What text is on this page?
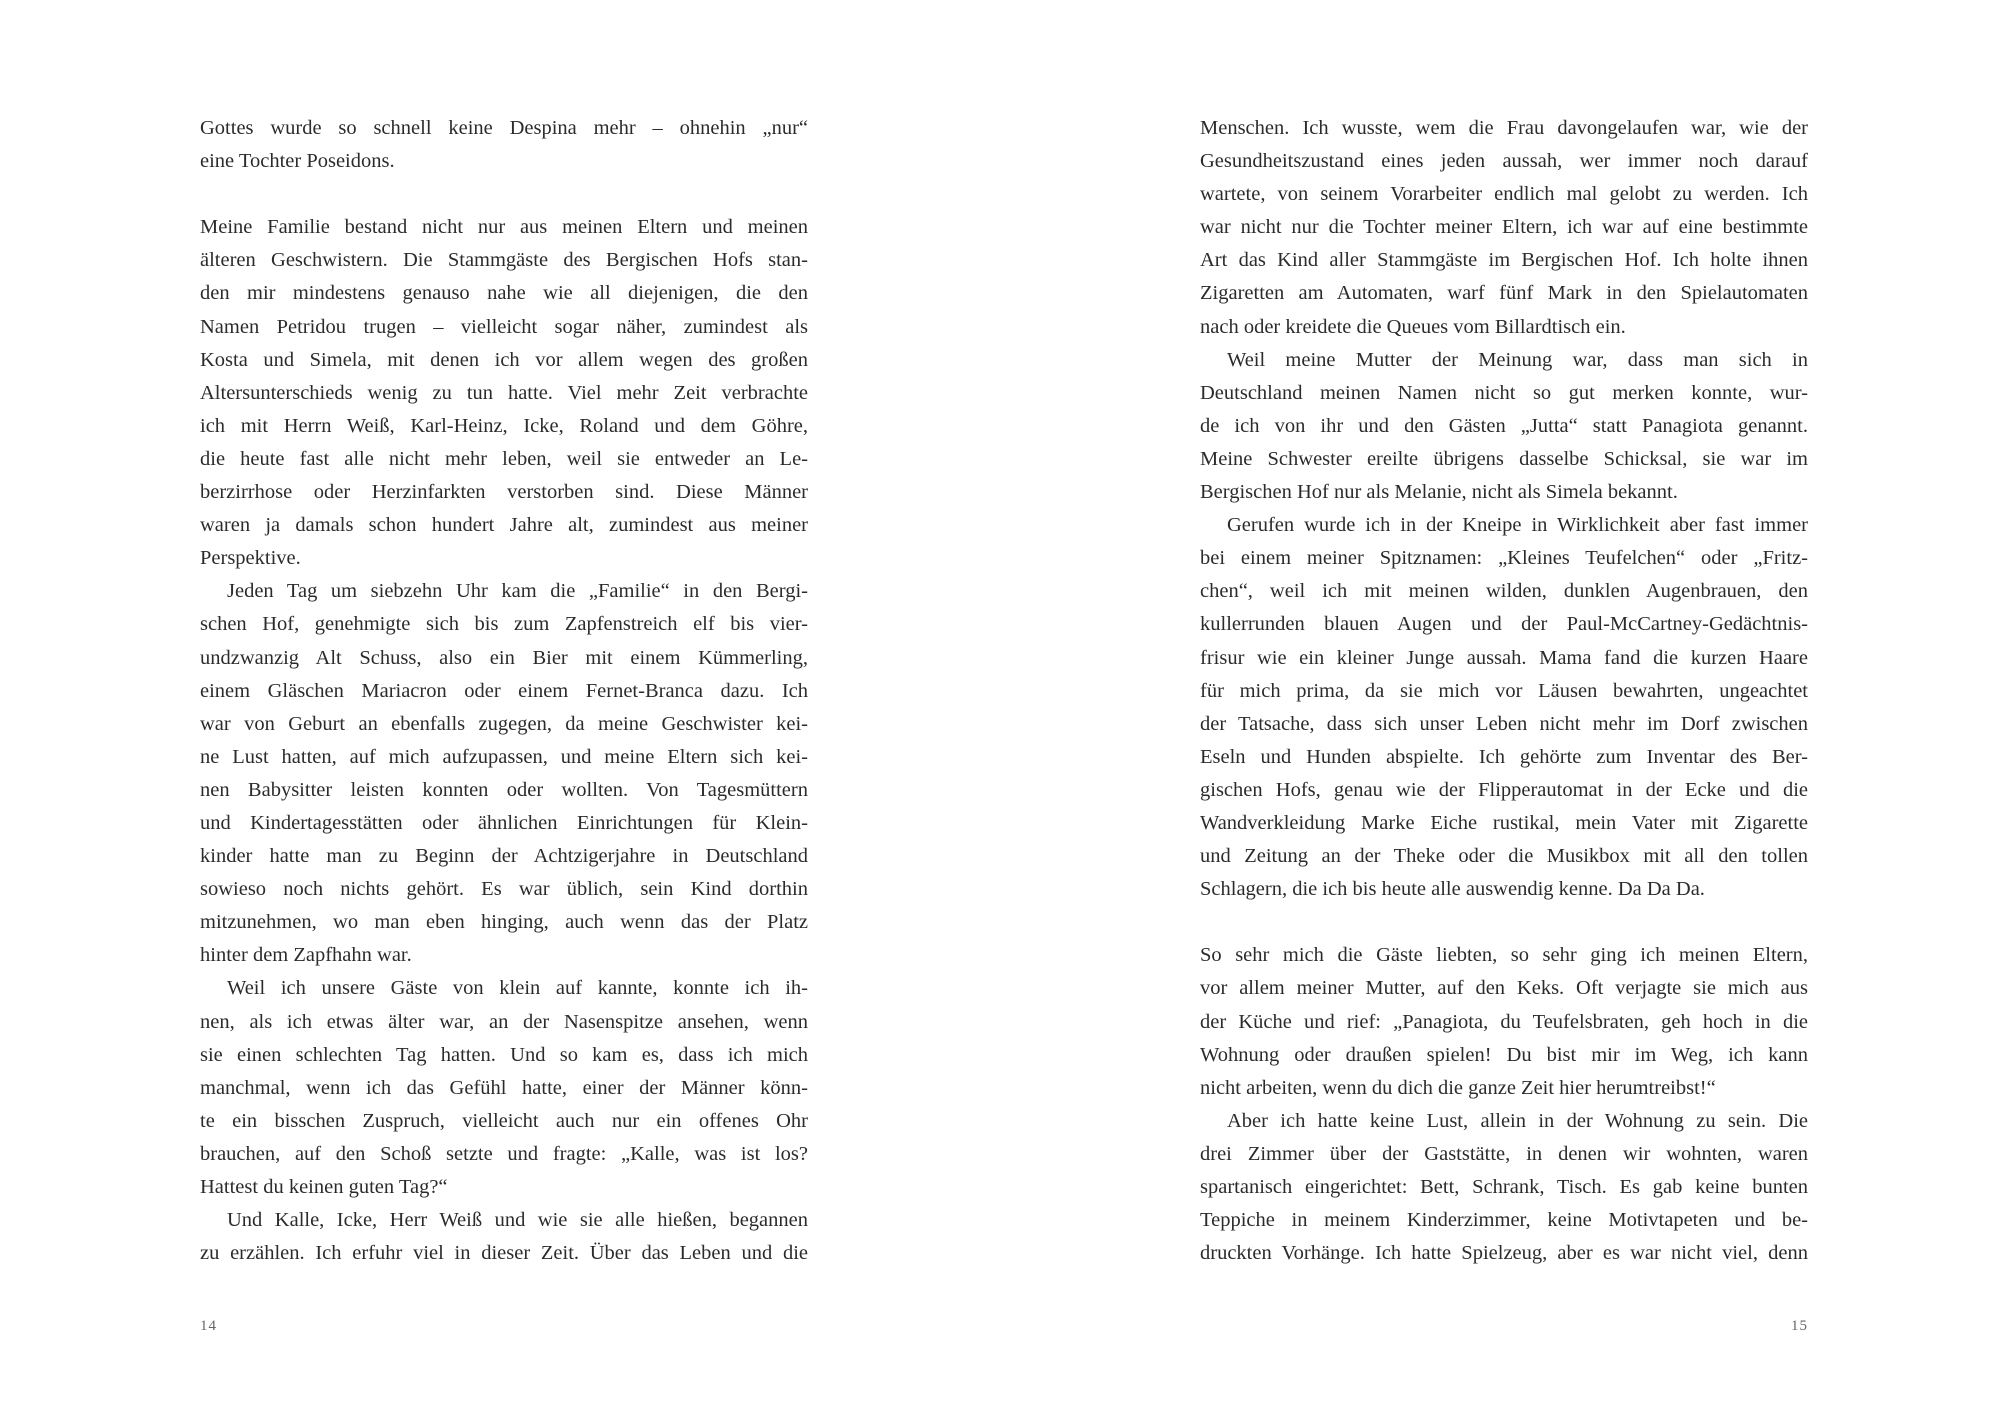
Gottes wurde so schnell keine Despina mehr – ohnehin „nur“
eine Tochter Poseidons.
Meine Familie bestand nicht nur aus meinen Eltern und meinen
älteren Geschwistern. Die Stammgäste des Bergischen Hofs stan-
den mir mindestens genauso nahe wie all diejenigen, die den
Namen Petridou trugen – vielleicht sogar näher, zumindest als
Kosta und Simela, mit denen ich vor allem wegen des großen
Altersunterschieds wenig zu tun hatte. Viel mehr Zeit verbrachte
ich mit Herrn Weiß, Karl-Heinz, Icke, Roland und dem Göhre,
die heute fast alle nicht mehr leben, weil sie entweder an Le-
berzirrhose oder Herzinfarkten verstorben sind. Diese Männer
waren ja damals schon hundert Jahre alt, zumindest aus meiner
Perspektive.
Jeden Tag um siebzehn Uhr kam die „Familie“ in den Bergi-
schen Hof, genehmigte sich bis zum Zapfenstreich elf bis vier-
undzwanzig Alt Schuss, also ein Bier mit einem Kümmerling,
einem Gläschen Mariacron oder einem Fernet-Branca dazu. Ich
war von Geburt an ebenfalls zugegen, da meine Geschwister kei-
ne Lust hatten, auf mich aufzupassen, und meine Eltern sich kei-
nen Babysitter leisten konnten oder wollten. Von Tagesmüttern
und Kindertagesstätten oder ähnlichen Einrichtungen für Klein-
kinder hatte man zu Beginn der Achtzigerjahre in Deutschland
sowieso noch nichts gehört. Es war üblich, sein Kind dorthin
mitzunehmen, wo man eben hinging, auch wenn das der Platz
hinter dem Zapfhahn war.
Weil ich unsere Gäste von klein auf kannte, konnte ich ih-
nen, als ich etwas älter war, an der Nasenspitze ansehen, wenn
sie einen schlechten Tag hatten. Und so kam es, dass ich mich
manchmal, wenn ich das Gefühl hatte, einer der Männer könn-
te ein bisschen Zuspruch, vielleicht auch nur ein offenes Ohr
brauchen, auf den Schoß setzte und fragte: „Kalle, was ist los?
Hattest du keinen guten Tag?“
Und Kalle, Icke, Herr Weiß und wie sie alle hießen, begannen
zu erzählen. Ich erfuhr viel in dieser Zeit. Über das Leben und die
14
Menschen. Ich wusste, wem die Frau davongelaufen war, wie der
Gesundheitszustand eines jeden aussah, wer immer noch darauf
wartete, von seinem Vorarbeiter endlich mal gelobt zu werden. Ich
war nicht nur die Tochter meiner Eltern, ich war auf eine bestimmte
Art das Kind aller Stammgäste im Bergischen Hof. Ich holte ihnen
Zigaretten am Automaten, warf fünf Mark in den Spielautomaten
nach oder kreidete die Queues vom Billardtisch ein.
Weil meine Mutter der Meinung war, dass man sich in
Deutschland meinen Namen nicht so gut merken konnte, wur-
de ich von ihr und den Gästen „Jutta“ statt Panagiota genannt.
Meine Schwester ereilte übrigens dasselbe Schicksal, sie war im
Bergischen Hof nur als Melanie, nicht als Simela bekannt.
Gerufen wurde ich in der Kneipe in Wirklichkeit aber fast immer
bei einem meiner Spitznamen: „Kleines Teufelchen“ oder „Fritz-
chen“, weil ich mit meinen wilden, dunklen Augenbrauen, den
kullerrunden blauen Augen und der Paul-McCartney-Gedächtnis-
frisur wie ein kleiner Junge aussah. Mama fand die kurzen Haare
für mich prima, da sie mich vor Läusen bewahrten, ungeachtet
der Tatsache, dass sich unser Leben nicht mehr im Dorf zwischen
Eseln und Hunden abspielte. Ich gehörte zum Inventar des Ber-
gischen Hofs, genau wie der Flipperautomat in der Ecke und die
Wandverkleidung Marke Eiche rustikal, mein Vater mit Zigarette
und Zeitung an der Theke oder die Musikbox mit all den tollen
Schlagern, die ich bis heute alle auswendig kenne. Da Da Da.
So sehr mich die Gäste liebten, so sehr ging ich meinen Eltern,
vor allem meiner Mutter, auf den Keks. Oft verjagte sie mich aus
der Küche und rief: „Panagiota, du Teufelsbraten, geh hoch in die
Wohnung oder draußen spielen! Du bist mir im Weg, ich kann
nicht arbeiten, wenn du dich die ganze Zeit hier herumtreibst!“
Aber ich hatte keine Lust, allein in der Wohnung zu sein. Die
drei Zimmer über der Gaststätte, in denen wir wohnten, waren
spartanisch eingerichtet: Bett, Schrank, Tisch. Es gab keine bunten
Teppiche in meinem Kinderzimmer, keine Motivtapeten und be-
druckten Vorhänge. Ich hatte Spielzeug, aber es war nicht viel, denn
15
